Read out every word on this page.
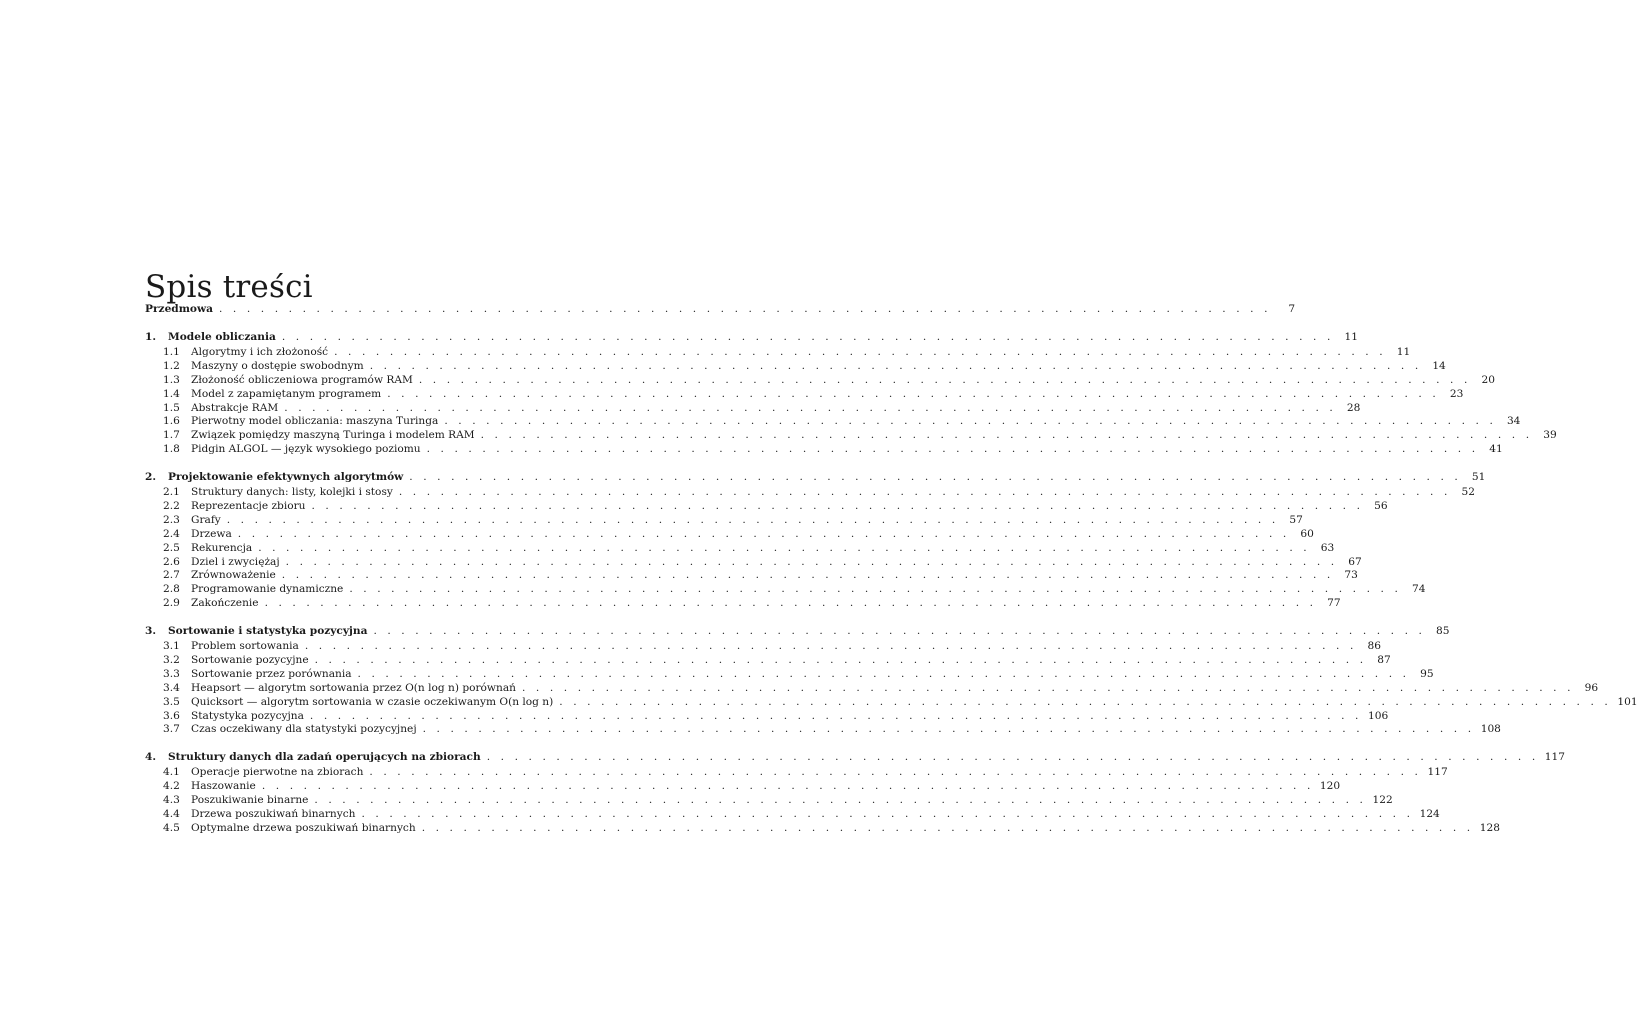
Spis treści
Przedmowa . . .	7
1.	Modele obliczania . . .	11
1.1	Algorytmy i ich złożoność . . .	11
1.2	Maszyny o dostępie swobodnym . . .	14
1.3	Złożoność obliczeniowa programów RAM . . .	20
1.4	Model z zapamiętanym programem . . .	23
1.5	Abstrakcje RAM . . .	28
1.6	Pierwotny model obliczania: maszyna Turinga . . .	34
1.7	Związek pomiędzy maszyną Turinga i modelem RAM . . .	39
1.8	Pidgin ALGOL — język wysokiego poziomu . . .	41
2.	Projektowanie efektywnych algorytmów . . .	51
2.1	Struktury danych: listy, kolejki i stosy . . .	52
2.2	Reprezentacje zbioru . . .	56
2.3	Grafy . . .	57
2.4	Drzewa . . .	60
2.5	Rekurencja . . .	63
2.6	Dziel i zwyciężaj . . .	67
2.7	Zrównoważenie . . .	73
2.8	Programowanie dynamiczne . . .	74
2.9	Zakończenie . . .	77
3.	Sortowanie i statystyka pozycyjna . . .	85
3.1	Problem sortowania . . .	86
3.2	Sortowanie pozycyjne . . .	87
3.3	Sortowanie przez porównania . . .	95
3.4	Heapsort — algorytm sortowania przez O(n log n) porównań . . .	96
3.5	Quicksort — algorytm sortowania w czasie oczekiwanym O(n log n) . . .	101
3.6	Statystyka pozycyjna . . .	106
3.7	Czas oczekiwany dla statystyki pozycyjnej . . .	108
4.	Struktury danych dla zadań operujących na zbiorach . . .	117
4.1	Operacje pierwotne na zbiorach . . .	117
4.2	Haszowanie . . .	120
4.3	Poszukiwanie binarne . . .	122
4.4	Drzewa poszukiwań binarnych . . .	124
4.5	Optymalne drzewa poszukiwań binarnych . . .	128
